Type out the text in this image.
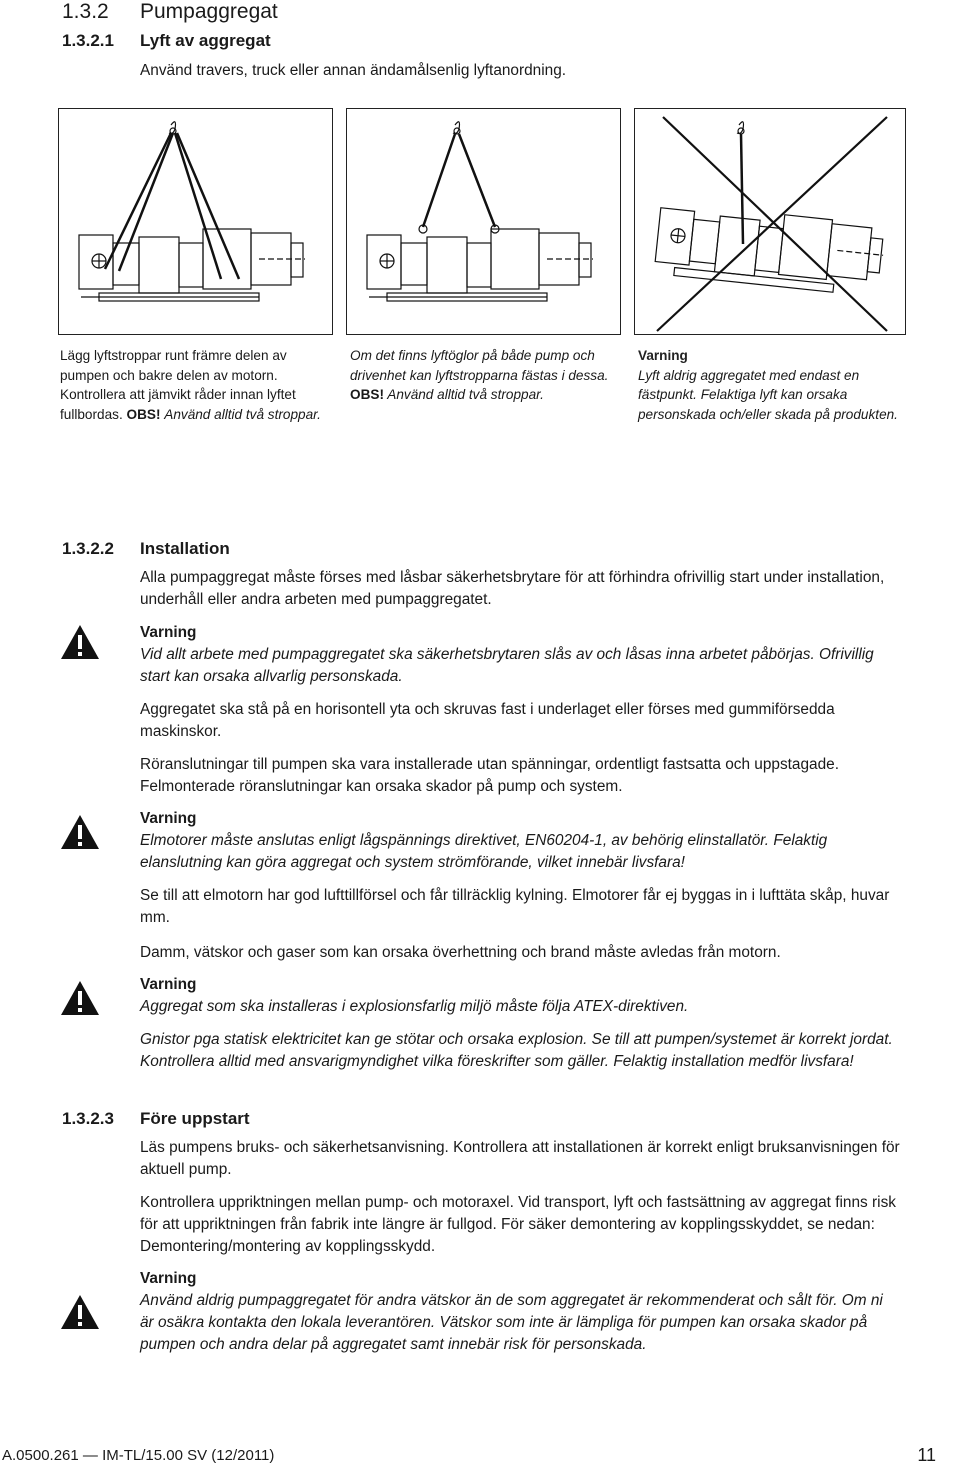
1.3.2 Pumpaggregat
1.3.2.1 Lyft av aggregat
Använd travers, truck eller annan ändamålsenlig lyftanordning.
Lägg lyftstroppar runt främre delen av pumpen och bakre delen av motorn. Kontrollera att jämvikt råder innan lyftet fullbordas. OBS! Använd alltid två stroppar.
Om det finns lyftöglor på både pump och drivenhet kan lyftstropparna fästas i dessa. OBS! Använd alltid två stroppar.
Varning
Lyft aldrig aggregatet med endast en fästpunkt. Felaktiga lyft kan orsaka personskada och/eller skada på produkten.
1.3.2.2 Installation
Alla pumpaggregat måste förses med låsbar säkerhetsbrytare för att förhindra ofrivillig start under installation, underhåll eller andra arbeten med pumpaggregatet.
Varning
Vid allt arbete med pumpaggregatet ska säkerhetsbrytaren slås av och låsas inna arbetet påbörjas. Ofrivillig start kan orsaka allvarlig personskada.
Aggregatet ska stå på en horisontell yta och skruvas fast i underlaget eller förses med gummiförsedda maskinskor.
Röranslutningar till pumpen ska vara installerade utan spänningar, ordentligt fastsatta och uppstagade. Felmonterade röranslutningar kan orsaka skador på pump och system.
Varning
Elmotorer måste anslutas enligt lågspännings direktivet, EN60204-1, av behörig elinstallatör. Felaktig elanslutning kan göra aggregat och system strömförande, vilket innebär livsfara!
Se till att elmotorn har god lufttillförsel och får tillräcklig kylning. Elmotorer får ej byggas in i lufttäta skåp, huvar mm.
Damm, vätskor och gaser som kan orsaka överhettning och brand måste avledas från motorn.
Varning
Aggregat som ska installeras i explosionsfarlig miljö måste följa ATEX-direktiven.
Gnistor pga statisk elektricitet kan ge stötar och orsaka explosion. Se till att pumpen/systemet är korrekt jordat. Kontrollera alltid med ansvarigmyndighet vilka föreskrifter som gäller. Felaktig installation medför livsfara!
1.3.2.3 Före uppstart
Läs pumpens bruks- och säkerhetsanvisning. Kontrollera att installationen är korrekt enligt bruksanvisningen för aktuell pump.
Kontrollera uppriktningen mellan pump- och motoraxel. Vid transport, lyft och fastsättning av aggregat finns risk för att uppriktningen från fabrik inte längre är fullgod. För säker demontering av kopplingsskyddet, se nedan: Demontering/montering av kopplingsskydd.
Varning
Använd aldrig pumpaggregatet för andra vätskor än de som aggregatet är rekommenderat och sålt för. Om ni är osäkra kontakta den lokala leverantören. Vätskor som inte är lämpliga för pumpen kan orsaka skador på pumpen och andra delar på aggregatet samt innebär risk för personskada.
A.0500.261 — IM-TL/15.00 SV (12/2011)	11
